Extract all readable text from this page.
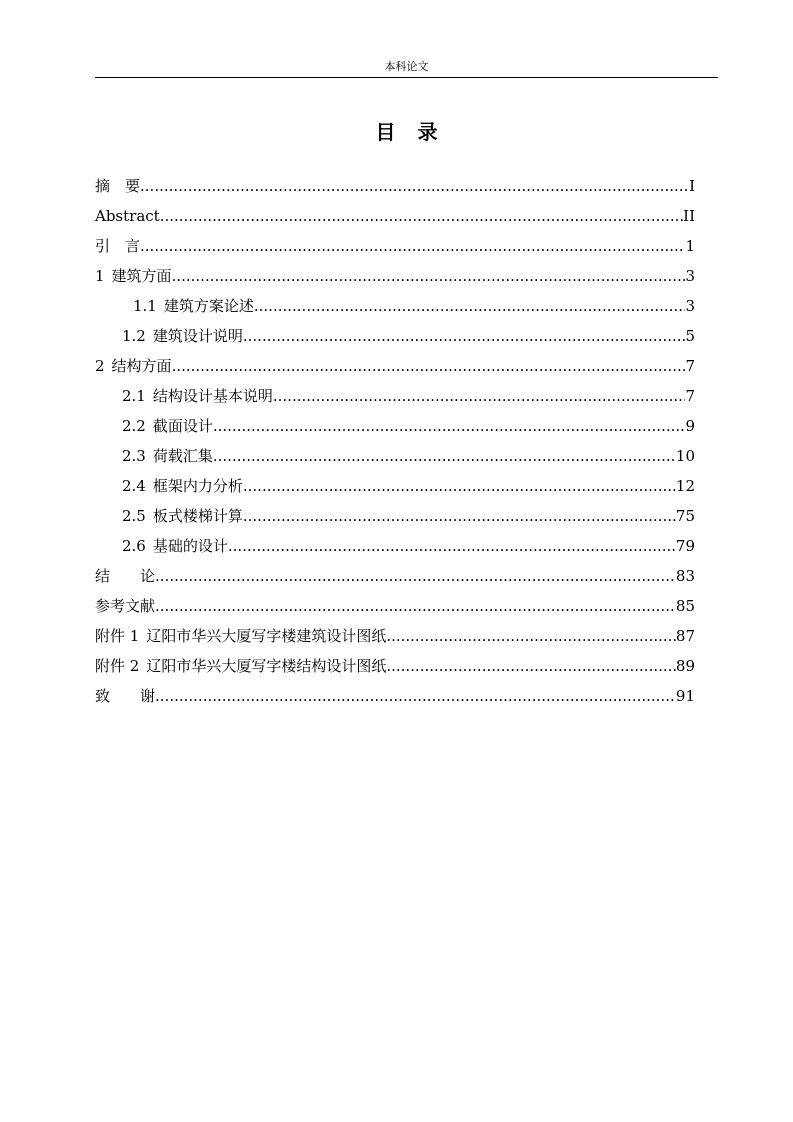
本科论文
目 录
摘　要 .....	I
Abstract .....	II
引　言 .....	1
1 建筑方面 .....	3
1.1 建筑方案论述 .....	3
1.2 建筑设计说明 .....	5
2 结构方面 .....	7
2.1 结构设计基本说明 .....	7
2.2 截面设计 .....	9
2.3 荷载汇集 .....	10
2.4 框架内力分析 .....	12
2.5 板式楼梯计算 .....	75
2.6 基础的设计 .....	79
结　　论 .....	83
参考文献 .....	85
附件 1 辽阳市华兴大厦写字楼建筑设计图纸 .....	87
附件 2 辽阳市华兴大厦写字楼结构设计图纸 .....	89
致　　谢 .....	91
